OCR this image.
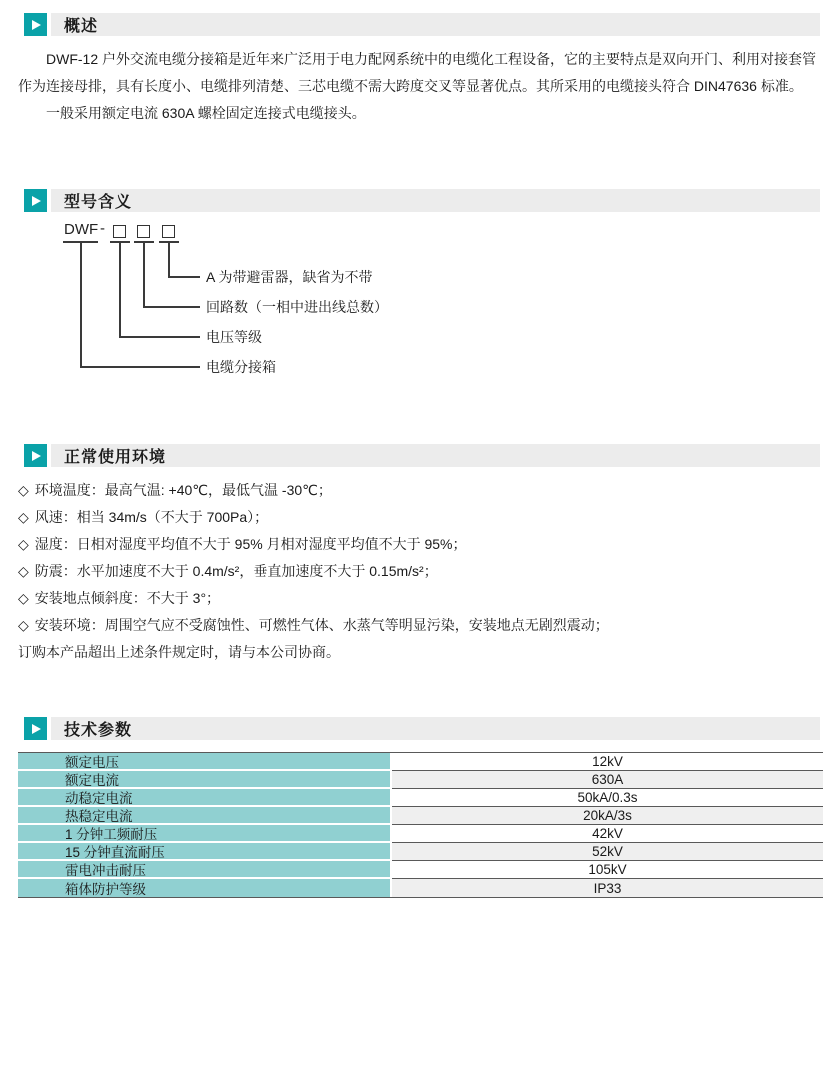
概述

DWF-12 户外交流电缆分接箱是近年来广泛用于电力配网系统中的电缆化工程设备，它的主要特点是双向开门、利用对接套管作为连接母排，具有长度小、电缆排列清楚、三芯电缆不需大跨度交叉等显著优点。其所采用的电缆接头符合 DIN47636 标准。

一般采用额定电流 630A 螺栓固定连接式电缆接头。

型号含义
DWF -
A 为带避雷器，缺省为不带
回路数（一相中进出线总数）
电压等级
电缆分接箱
正常使用环境
◇ 环境温度：最高气温: +40℃，最低气温 -30℃；
◇ 风速：相当 34m/s（不大于 700Pa）；
◇ 湿度：日相对湿度平均值不大于 95% 月相对湿度平均值不大于 95%；
◇ 防震：水平加速度不大于 0.4m/s²，垂直加速度不大于 0.15m/s²；
◇ 安装地点倾斜度：不大于 3°；
◇ 安装环境：周围空气应不受腐蚀性、可燃性气体、水蒸气等明显污染，安装地点无剧烈震动；
订购本产品超出上述条件规定时，请与本公司协商。
技术参数
额定电压	12kV
额定电流	630A
动稳定电流	50kA/0.3s
热稳定电流	20kA/3s
1 分钟工频耐压	42kV
15 分钟直流耐压	52kV
雷电冲击耐压	105kV
箱体防护等级	IP33
